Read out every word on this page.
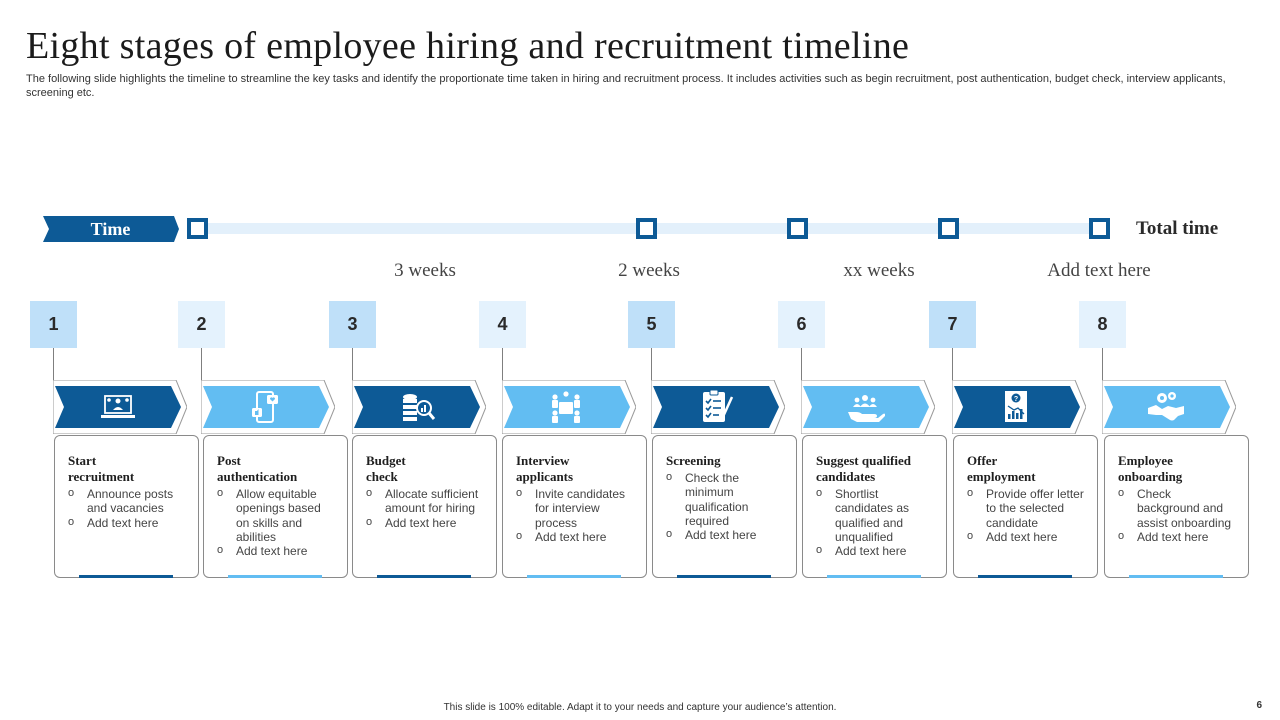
Eight stages of employee hiring and recruitment timeline
The following slide highlights the timeline to streamline the key tasks and identify the proportionate time taken in hiring and recruitment process. It includes activities such as begin recruitment, post authentication, budget check, interview applicants, screening etc.
Time	Total time
3 weeks	2 weeks	xx weeks	Add text here
1	2	3	4	5	6	7	8
?
Start
recruitment
o Announce posts and vacancies
o Add text here
Post
authentication
o Allow equitable openings based on skills and abilities
o Add text here
Budget
check
o Allocate sufficient amount for hiring
o Add text here
Interview
applicants
o Invite candidates for interview process
o Add text here
Screening
o Check the minimum qualification required
o Add text here
Suggest qualified
candidates
o Shortlist candidates as qualified and unqualified
o Add text here
Offer
employment
o Provide offer letter to the selected candidate
o Add text here
Employee
onboarding
o Check background and assist onboarding
o Add text here
This slide is 100% editable. Adapt it to your needs and capture your audience’s attention.	6
